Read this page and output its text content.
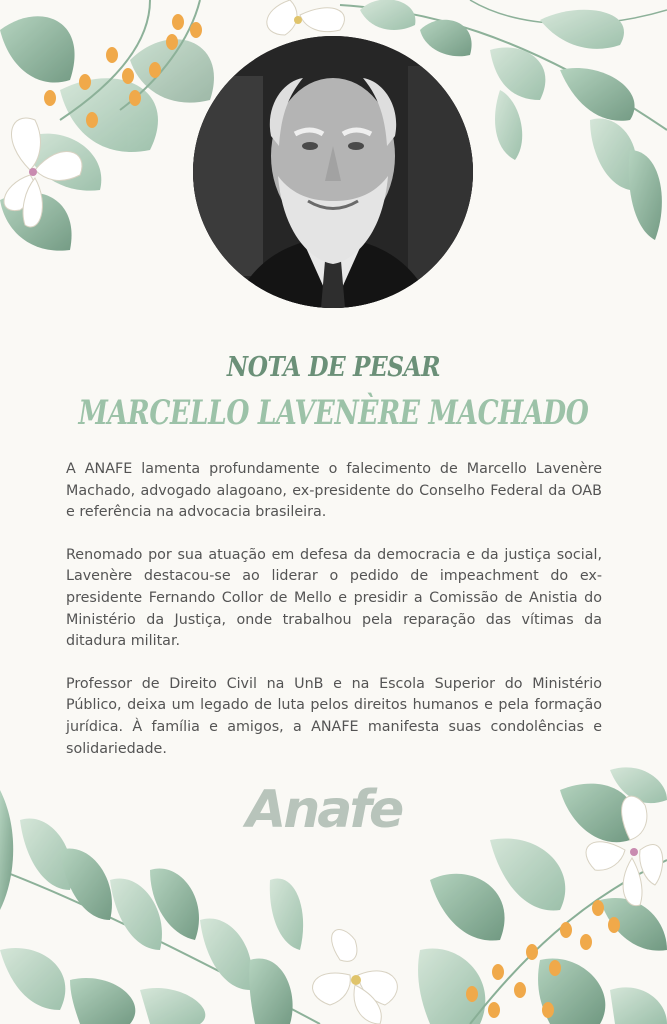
NOTA DE PESAR
MARCELLO LAVENÈRE MACHADO

A ANAFE lamenta profundamente o falecimento de Marcello Lavenère Machado, advogado alagoano, ex-presidente do Conselho Federal da OAB e referência na advocacia brasileira.

Renomado por sua atuação em defesa da democracia e da justiça social, Lavenère destacou-se ao liderar o pedido de impeachment do ex-presidente Fernando Collor de Mello e presidir a Comissão de Anistia do Ministério da Justiça, onde trabalhou pela reparação das vítimas da ditadura militar.

Professor de Direito Civil na UnB e na Escola Superior do Ministério Público, deixa um legado de luta pelos direitos humanos e pela formação jurídica. À família e amigos, a ANAFE manifesta suas condolências e solidariedade.

Anafe
